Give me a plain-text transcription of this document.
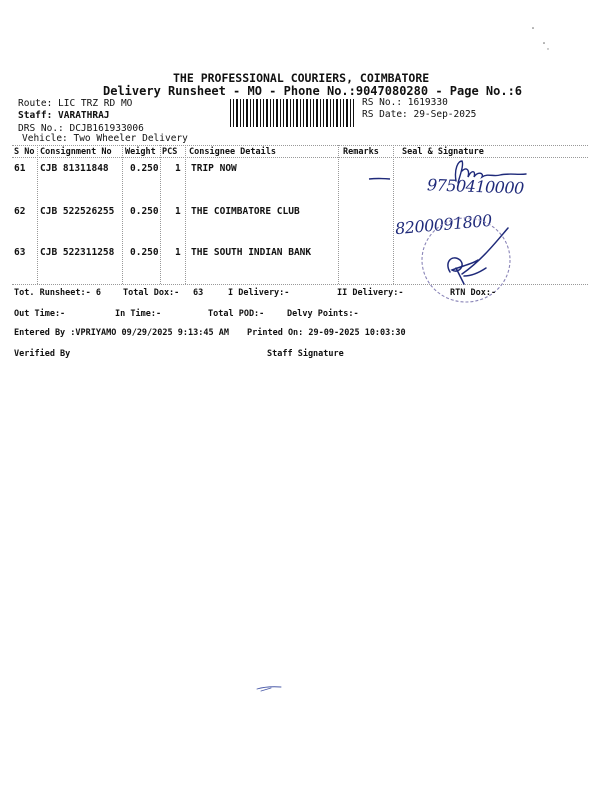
THE PROFESSIONAL COURIERS, COIMBATORE
Delivery Runsheet - MO - Phone No.:9047080280 - Page No.:6
Route: LIC TRZ RD MO
Staff: VARATHRAJ
DRS No.: DCJB161933006
Vehicle: Two Wheeler Delivery
RS No.: 1619330
RS Date: 29-Sep-2025
S No Consignment No Weight PCS Consignee Details	Remarks	Seal & Signature
61 CJB 81311848 0.250 1 TRIP NOW
62 CJB 522526255 0.250 1 THE COIMBATORE CLUB
63 CJB 522311258 0.250 1 THE SOUTH INDIAN BANK
9750410000
8200091800
Tot. Runsheet:- 6	Total Dox:- 63	I Delivery:-	II Delivery:-	RTN Dox:-
Out Time:-	In Time:-	Total POD:-	Delvy Points:-
Entered By :VPRIYAMO 09/29/2025 9:13:45 AM Printed On: 29-09-2025 10:03:30
Verified By	Staff Signature
